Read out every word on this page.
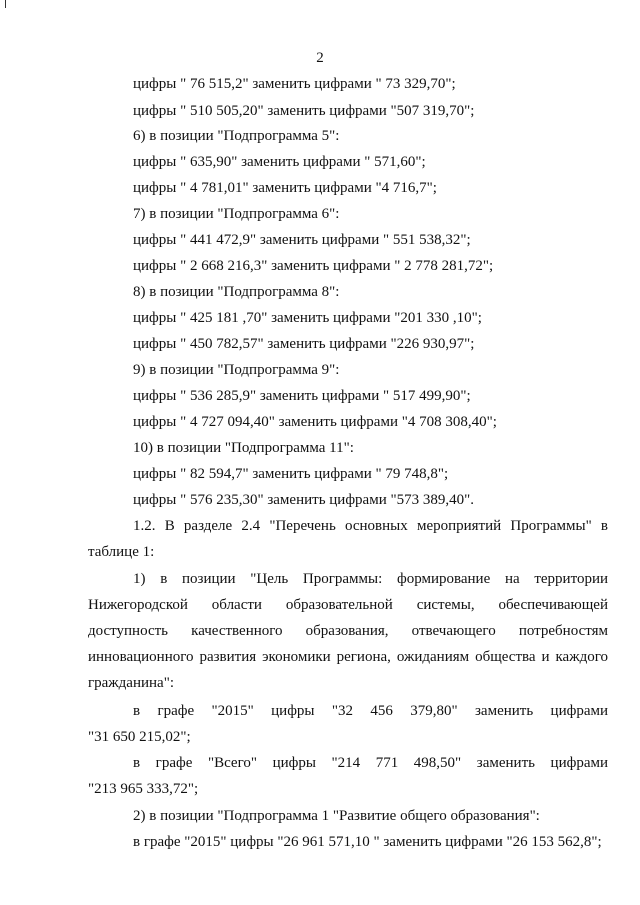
2
цифры " 76 515,2" заменить цифрами " 73 329,70";
цифры " 510 505,20" заменить цифрами "507 319,70";
6) в позиции "Подпрограмма 5":
цифры " 635,90" заменить цифрами " 571,60";
цифры " 4 781,01" заменить цифрами "4 716,7";
7) в позиции "Подпрограмма 6":
цифры " 441 472,9" заменить цифрами " 551 538,32";
цифры " 2 668 216,3" заменить цифрами " 2 778 281,72";
8) в позиции "Подпрограмма 8":
цифры " 425 181 ,70" заменить цифрами "201 330 ,10";
цифры " 450 782,57" заменить цифрами "226 930,97";
9) в позиции "Подпрограмма 9":
цифры " 536 285,9" заменить цифрами " 517 499,90";
цифры " 4 727 094,40" заменить цифрами "4 708 308,40";
10) в позиции "Подпрограмма 11":
цифры " 82 594,7" заменить цифрами " 79 748,8";
цифры " 576 235,30" заменить цифрами "573 389,40".
1.2. В разделе 2.4 "Перечень основных мероприятий Программы" в
таблице 1:
1) в позиции "Цель Программы: формирование на территории
Нижегородской области образовательной системы, обеспечивающей
доступность качественного образования, отвечающего потребностям
инновационного развития экономики региона, ожиданиям общества и каждого
гражданина":
в графе "2015" цифры "32 456 379,80" заменить цифрами
"31 650 215,02";
в графе "Всего" цифры "214 771 498,50" заменить цифрами
"213 965 333,72";
2) в позиции "Подпрограмма 1 "Развитие общего образования":
в графе "2015" цифры "26 961 571,10 " заменить цифрами "26 153 562,8";
